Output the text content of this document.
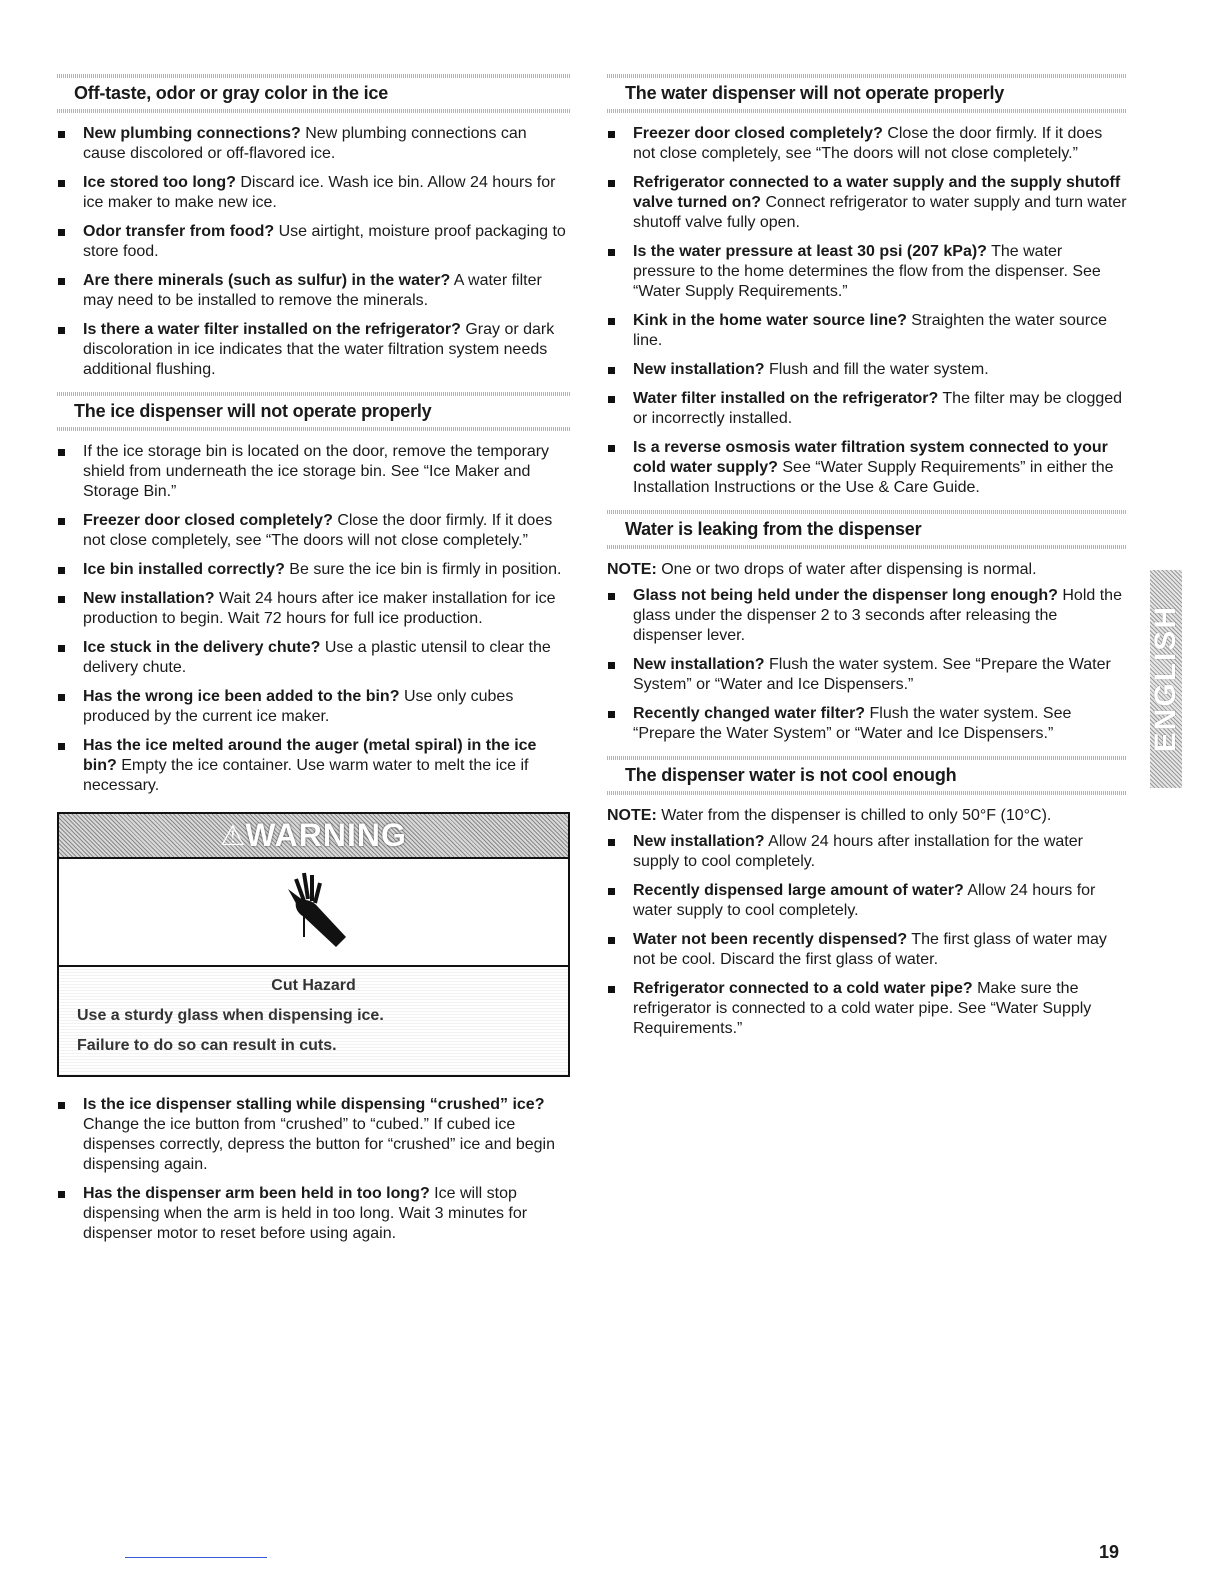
Off-taste, odor or gray color in the ice
New plumbing connections? New plumbing connections can cause discolored or off-flavored ice.
Ice stored too long? Discard ice. Wash ice bin. Allow 24 hours for ice maker to make new ice.
Odor transfer from food? Use airtight, moisture proof packaging to store food.
Are there minerals (such as sulfur) in the water? A water filter may need to be installed to remove the minerals.
Is there a water filter installed on the refrigerator? Gray or dark discoloration in ice indicates that the water filtration system needs additional flushing.
The ice dispenser will not operate properly
If the ice storage bin is located on the door, remove the temporary shield from underneath the ice storage bin. See “Ice Maker and Storage Bin.”
Freezer door closed completely? Close the door firmly. If it does not close completely, see “The doors will not close completely.”
Ice bin installed correctly? Be sure the ice bin is firmly in position.
New installation? Wait 24 hours after ice maker installation for ice production to begin. Wait 72 hours for full ice production.
Ice stuck in the delivery chute? Use a plastic utensil to clear the delivery chute.
Has the wrong ice been added to the bin? Use only cubes produced by the current ice maker.
Has the ice melted around the auger (metal spiral) in the ice bin? Empty the ice container. Use warm water to melt the ice if necessary.
⚠ WARNING
Cut Hazard

Use a sturdy glass when dispensing ice.

Failure to do so can result in cuts.

Is the ice dispenser stalling while dispensing “crushed” ice? Change the ice button from “crushed” to “cubed.” If cubed ice dispenses correctly, depress the button for “crushed” ice and begin dispensing again.
Has the dispenser arm been held in too long? Ice will stop dispensing when the arm is held in too long. Wait 3 minutes for dispenser motor to reset before using again.
The water dispenser will not operate properly
Freezer door closed completely? Close the door firmly. If it does not close completely, see “The doors will not close completely.”
Refrigerator connected to a water supply and the supply shutoff valve turned on? Connect refrigerator to water supply and turn water shutoff valve fully open.
Is the water pressure at least 30 psi (207 kPa)? The water pressure to the home determines the flow from the dispenser. See “Water Supply Requirements.”
Kink in the home water source line? Straighten the water source line.
New installation? Flush and fill the water system.
Water filter installed on the refrigerator? The filter may be clogged or incorrectly installed.
Is a reverse osmosis water filtration system connected to your cold water supply? See “Water Supply Requirements” in either the Installation Instructions or the Use & Care Guide.
Water is leaking from the dispenser
NOTE: One or two drops of water after dispensing is normal.
Glass not being held under the dispenser long enough? Hold the glass under the dispenser 2 to 3 seconds after releasing the dispenser lever.
New installation? Flush the water system. See “Prepare the Water System” or “Water and Ice Dispensers.”
Recently changed water filter? Flush the water system. See “Prepare the Water System” or “Water and Ice Dispensers.”
The dispenser water is not cool enough
NOTE: Water from the dispenser is chilled to only 50°F (10°C).
New installation? Allow 24 hours after installation for the water supply to cool completely.
Recently dispensed large amount of water? Allow 24 hours for water supply to cool completely.
Water not been recently dispensed? The first glass of water may not be cool. Discard the first glass of water.
Refrigerator connected to a cold water pipe? Make sure the refrigerator is connected to a cold water pipe. See “Water Supply Requirements.”
ENGLISH
19
